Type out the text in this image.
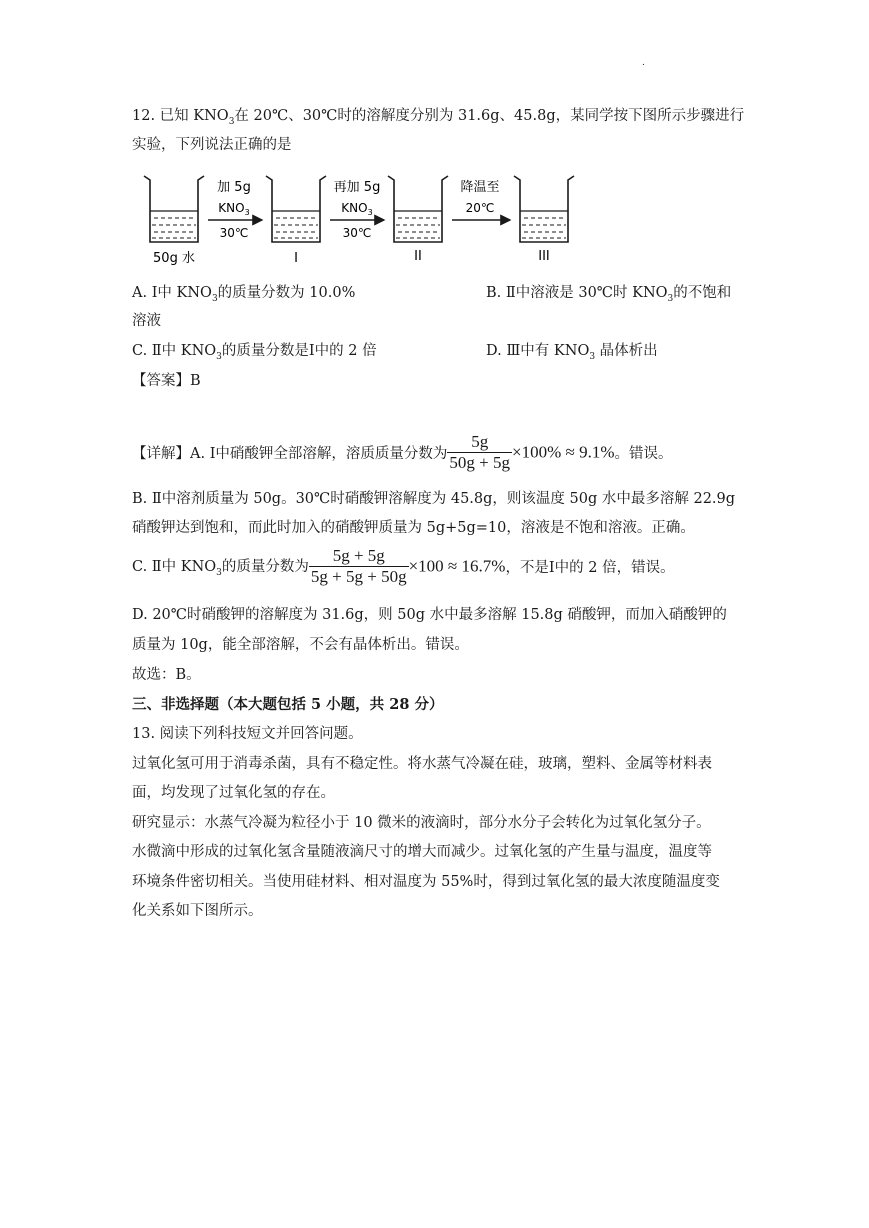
.
12. 已知 $KNO_3$在 20℃、30℃时的溶解度分别为 31.6g、45.8g，某同学按下图所示步骤进行
实验，下列说法正确的是
加 5g
$KNO_3$
30℃
再加 5g
$KNO_3$
30℃
降温至
20℃
50g 水	I	II	III
A. Ⅰ中 $KNO_3$的质量分数为 10.0%	B. Ⅱ中溶液是 30℃时 $KNO_3$的不饱和
溶液
C. Ⅱ中 $KNO_3$的质量分数是Ⅰ中的 2 倍	D. Ⅲ中有 $KNO_3$ 晶体析出
【答案】B
【详解】A. Ⅰ中硝酸钾全部溶解，溶质质量分数为 $\frac{5g}{50g + 5g} \times 100\% \approx 9.1\%$。错误。
B. Ⅱ中溶剂质量为 50g。30℃时硝酸钾溶解度为 45.8g，则该温度 50g 水中最多溶解 22.9g
硝酸钾达到饱和，而此时加入的硝酸钾质量为 5g+5g=10，溶液是不饱和溶液。正确。
C. Ⅱ中 $KNO_3$的质量分数为 $\frac{5g + 5g}{5g + 5g + 50g} \times 100 \approx 16.7\%$，不是Ⅰ中的 2 倍，错误。
D. 20℃时硝酸钾的溶解度为 31.6g，则 50g 水中最多溶解 15.8g 硝酸钾，而加入硝酸钾的
质量为 10g，能全部溶解，不会有晶体析出。错误。
故选：B。
三、非选择题（本大题包括 5 小题，共 28 分）
13. 阅读下列科技短文并回答问题。
过氧化氢可用于消毒杀菌，具有不稳定性。将水蒸气冷凝在硅，玻璃，塑料、金属等材料表
面，均发现了过氧化氢的存在。
研究显示：水蒸气冷凝为粒径小于 10 微米的液滴时，部分水分子会转化为过氧化氢分子。
水微滴中形成的过氧化氢含量随液滴尺寸的增大而减少。过氧化氢的产生量与温度，温度等
环境条件密切相关。当使用硅材料、相对温度为 55%时，得到过氧化氢的最大浓度随温度变
化关系如下图所示。
